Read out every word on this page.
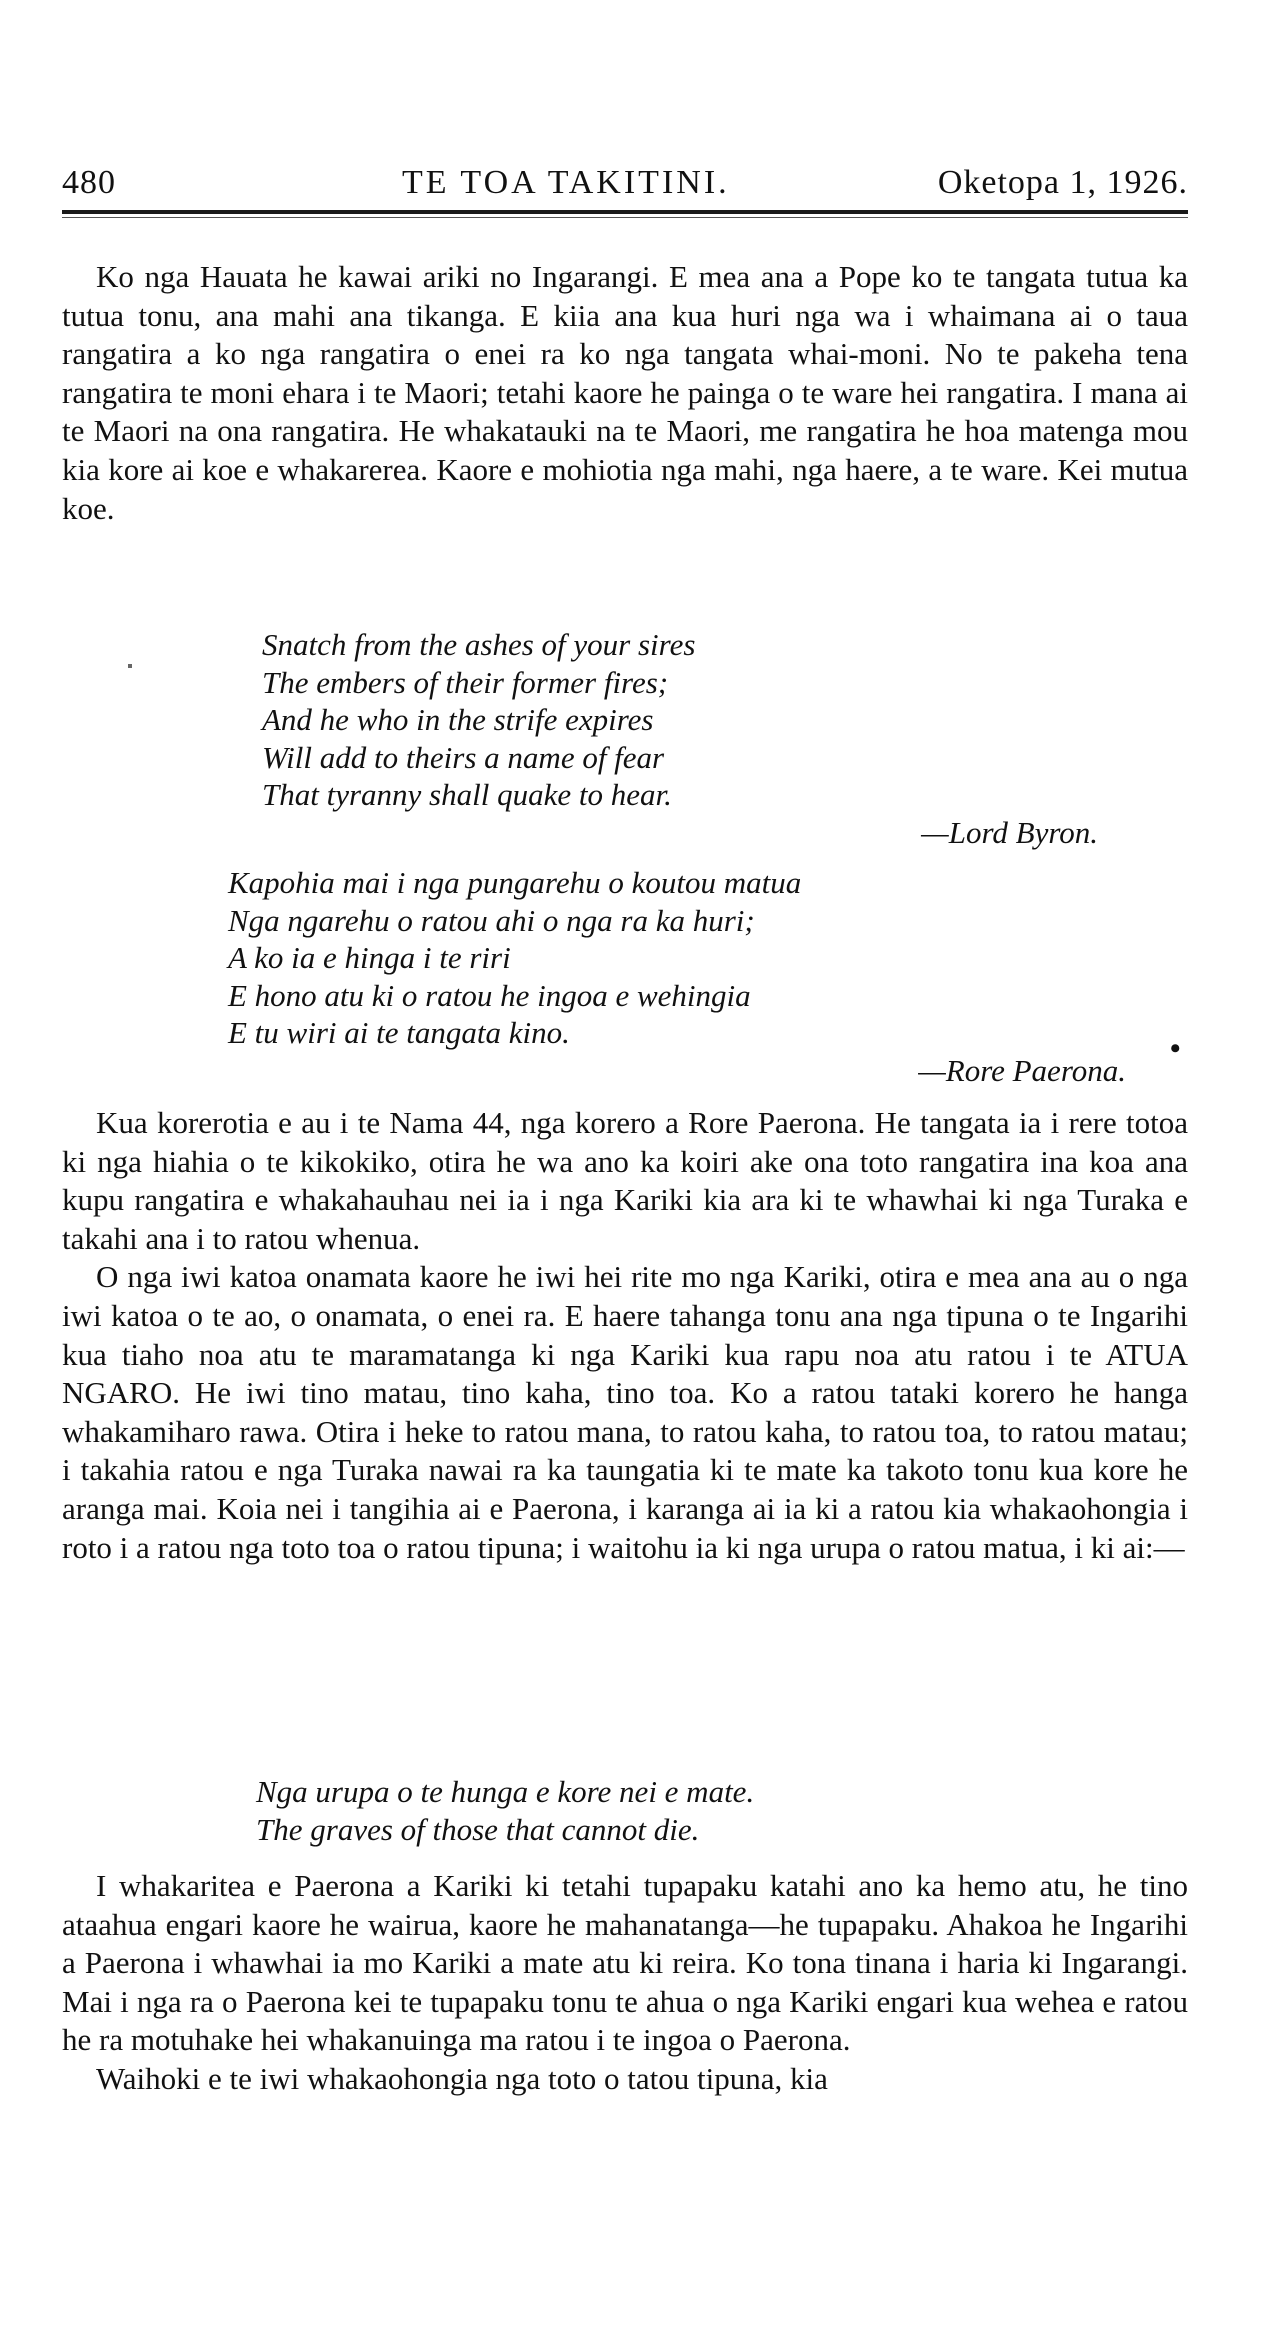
480	TE TOA TAKITINI.	Oketopa 1, 1926.

Ko nga Hauata he kawai ariki no Ingarangi. E mea ana a Pope ko te tangata tutua ka tutua tonu, ana mahi ana tikanga. E kiia ana kua huri nga wa i whaimana ai o taua rangatira a ko nga rangatira o enei ra ko nga tangata whai-moni. No te pakeha tena rangatira te moni ehara i te Maori; tetahi kaore he painga o te ware hei rangatira. I mana ai te Maori na ona rangatira. He whakatauki na te Maori, me rangatira he hoa matenga mou kia kore ai koe e whakarerea. Kaore e mohiotia nga mahi, nga haere, a te ware. Kei mutua koe.

Snatch from the ashes of your sires
The embers of their former fires;
And he who in the strife expires
Will add to theirs a name of fear
That tyranny shall quake to hear.
—Lord Byron.
Kapohia mai i nga pungarehu o koutou matua
Nga ngarehu o ratou ahi o nga ra ka huri;
A ko ia e hinga i te riri
E hono atu ki o ratou he ingoa e wehingia
E tu wiri ai te tangata kino.
—Rore Paerona.
•

Kua korerotia e au i te Nama 44, nga korero a Rore Paerona. He tangata ia i rere totoa ki nga hiahia o te kikokiko, otira he wa ano ka koiri ake ona toto rangatira ina koa ana kupu rangatira e whakahauhau nei ia i nga Kariki kia ara ki te whawhai ki nga Turaka e takahi ana i to ratou whenua.

O nga iwi katoa onamata kaore he iwi hei rite mo nga Kariki, otira e mea ana au o nga iwi katoa o te ao, o onamata, o enei ra. E haere tahanga tonu ana nga tipuna o te Ingarihi kua tiaho noa atu te maramatanga ki nga Kariki kua rapu noa atu ratou i te ATUA NGARO. He iwi tino matau, tino kaha, tino toa. Ko a ratou tataki korero he hanga whakamiharo rawa. Otira i heke to ratou mana, to ratou kaha, to ratou toa, to ratou matau; i takahia ratou e nga Turaka nawai ra ka taungatia ki te mate ka takoto tonu kua kore he aranga mai. Koia nei i tangihia ai e Paerona, i karanga ai ia ki a ratou kia whakaohongia i roto i a ratou nga toto toa o ratou tipuna; i waitohu ia ki nga urupa o ratou matua, i ki ai:—

Nga urupa o te hunga e kore nei e mate.
The graves of those that cannot die.

I whakaritea e Paerona a Kariki ki tetahi tupapaku katahi ano ka hemo atu, he tino ataahua engari kaore he wairua, kaore he mahanatanga—he tupapaku. Ahakoa he Ingarihi a Paerona i whawhai ia mo Kariki a mate atu ki reira. Ko tona tinana i haria ki Ingarangi. Mai i nga ra o Paerona kei te tupapaku tonu te ahua o nga Kariki engari kua wehea e ratou he ra motuhake hei whakanuinga ma ratou i te ingoa o Paerona.

Waihoki e te iwi whakaohongia nga toto o tatou tipuna, kia
